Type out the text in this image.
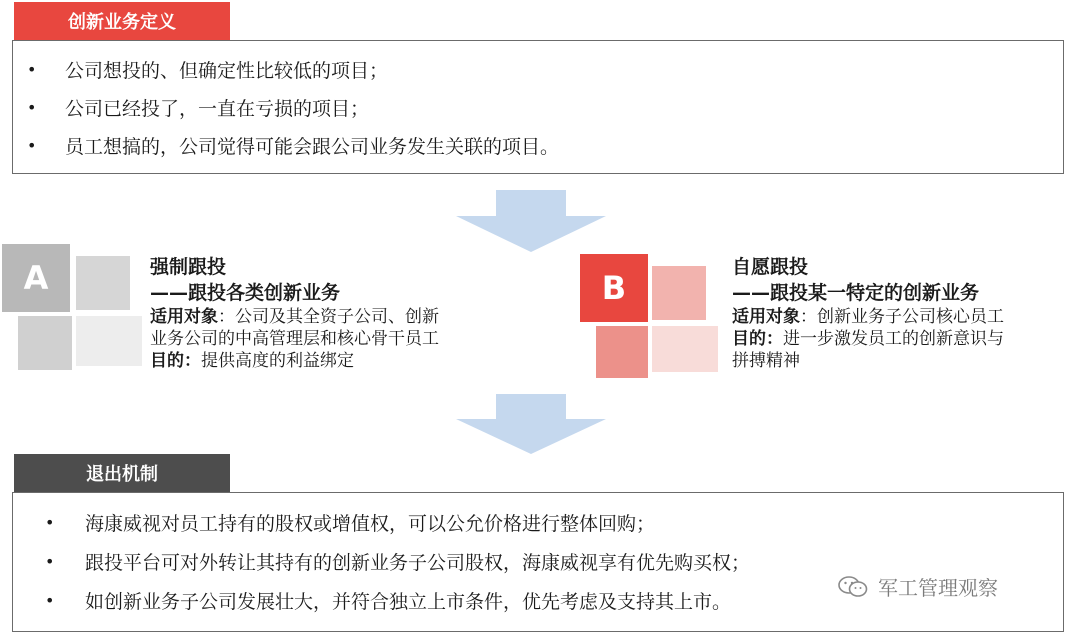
创新业务定义
•	公司想投的、但确定性比较低的项目；
•	公司已经投了，一直在亏损的项目；
•	员工想搞的，公司觉得可能会跟公司业务发生关联的项目。
A	强制跟投
——跟投各类创新业务
适用对象：公司及其全资子公司、创新
业务公司的中高管理层和核心骨干员工
目的：提供高度的利益绑定
B
自愿跟投
——跟投某一特定的创新业务
适用对象：创新业务子公司核心员工
目的：进一步激发员工的创新意识与
拼搏精神
退出机制
•	海康威视对员工持有的股权或增值权，可以公允价格进行整体回购；
•	跟投平台可对外转让其持有的创新业务子公司股权，海康威视享有优先购买权；
•	如创新业务子公司发展壮大，并符合独立上市条件，优先考虑及支持其上市。
军工管理观察
